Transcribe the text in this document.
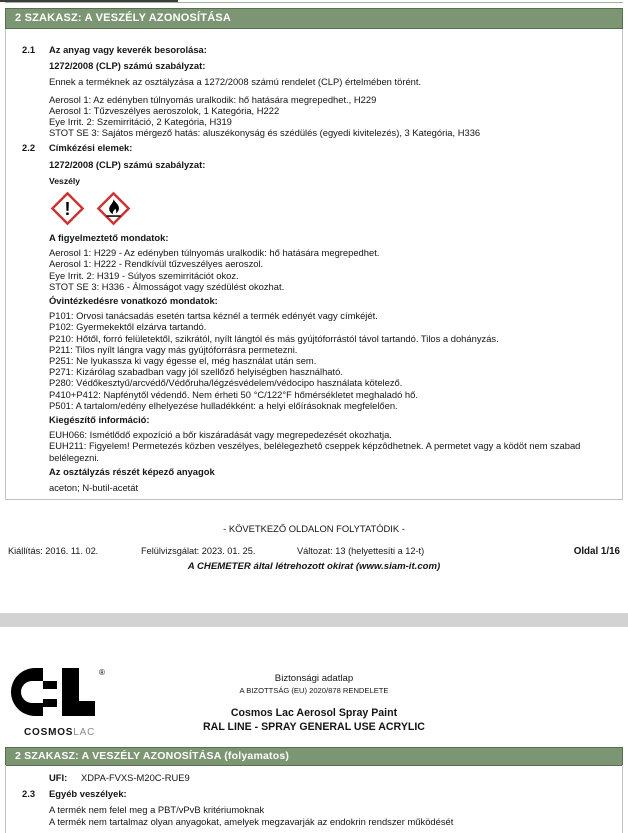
2 SZAKASZ: A VESZÉLY AZONOSÍTÁSA
2.1	Az anyag vagy keverék besorolása:
1272/2008 (CLP) számú szabályzat:
Ennek a terméknek az osztályzása a 1272/2008 számú rendelet (CLP) értelmében törént.
Aerosol 1: Az edényben túlnyomás uralkodik: hő hatására megrepedhet., H229
Aerosol 1: Tűzveszélyes aeroszolok, 1 Kategória, H222
Eye Irrit. 2: Szemirritáció, 2 Kategória, H319
STOT SE 3: Sajátos mérgező hatás: aluszékonyság és szédülés (egyedi kivitelezés), 3 Kategória, H336
2.2	Címkézési elemek:
1272/2008 (CLP) számú szabályzat:
Veszély
!
A figyelmeztető mondatok:
Aerosol 1: H229 - Az edényben túlnyomás uralkodik: hő hatására megrepedhet.
Aerosol 1: H222 - Rendkívül tűzveszélyes aeroszol.
Eye Irrit. 2: H319 - Súlyos szemirritációt okoz.
STOT SE 3: H336 - Álmosságot vagy szédülést okozhat.
Óvintézkedésre vonatkozó mondatok:
P101: Orvosi tanácsadás esetén tartsa kéznél a termék edényét vagy címkéjét.
P102: Gyermekektől elzárva tartandó.
P210: Hőtől, forró felületektől, szikrától, nyílt lángtól és más gyújtóforrástól távol tartandó. Tilos a dohányzás.
P211: Tilos nyílt lángra vagy más gyújtóforrásra permetezni.
P251: Ne lyukassza ki vagy égesse el, még használat után sem.
P271: Kizárólag szabadban vagy jól szellőző helyiségben használható.
P280: Védőkesztyű/arcvédő/Védőruha/légzésvédelem/védocipo használata kötelező.
P410+P412: Napfénytől védendő. Nem érheti 50 °C/122°F hőmérsékletet meghaladó hő.
P501: A tartalom/edény elhelyezése hulladékként: a helyi előírásoknak megfelelően.
Kiegészítő információ:
EUH066: Ismétlődő expozíció a bőr kiszáradását vagy megrepedezését okozhatja.
EUH211: Figyelem! Permetezés közben veszélyes, belélegezhetô cseppek képzôdhetnek. A permetet vagy a ködöt nem szabad belélegezni.
Az osztályzás részét képező anyagok
aceton; N-butil-acetát
- KÖVETKEZŐ OLDALON FOLYTATÓDIK -
Kiállítás: 2016. 11. 02.	Felülvizsgálat: 2023. 01. 25.	Változat: 13 (helyettesíti a 12-t)	Oldal 1/16
A CHEMETER által létrehozott okirat (www.siam-it.com)
®
COSMOSLAC
Biztonsági adatlap
A BIZOTTSÁG (EU) 2020/878 RENDELETE
Cosmos Lac Aerosol Spray Paint
RAL LINE - SPRAY GENERAL USE ACRYLIC
2 SZAKASZ: A VESZÉLY AZONOSÍTÁSA (folyamatos)
UFI:	XDPA-FVXS-M20C-RUE9
2.3	Egyéb veszélyek:
A termék nem felel meg a PBT/vPvB kritériumoknak
A termék nem tartalmaz olyan anyagokat, amelyek megzavarják az endokrin rendszer működését
